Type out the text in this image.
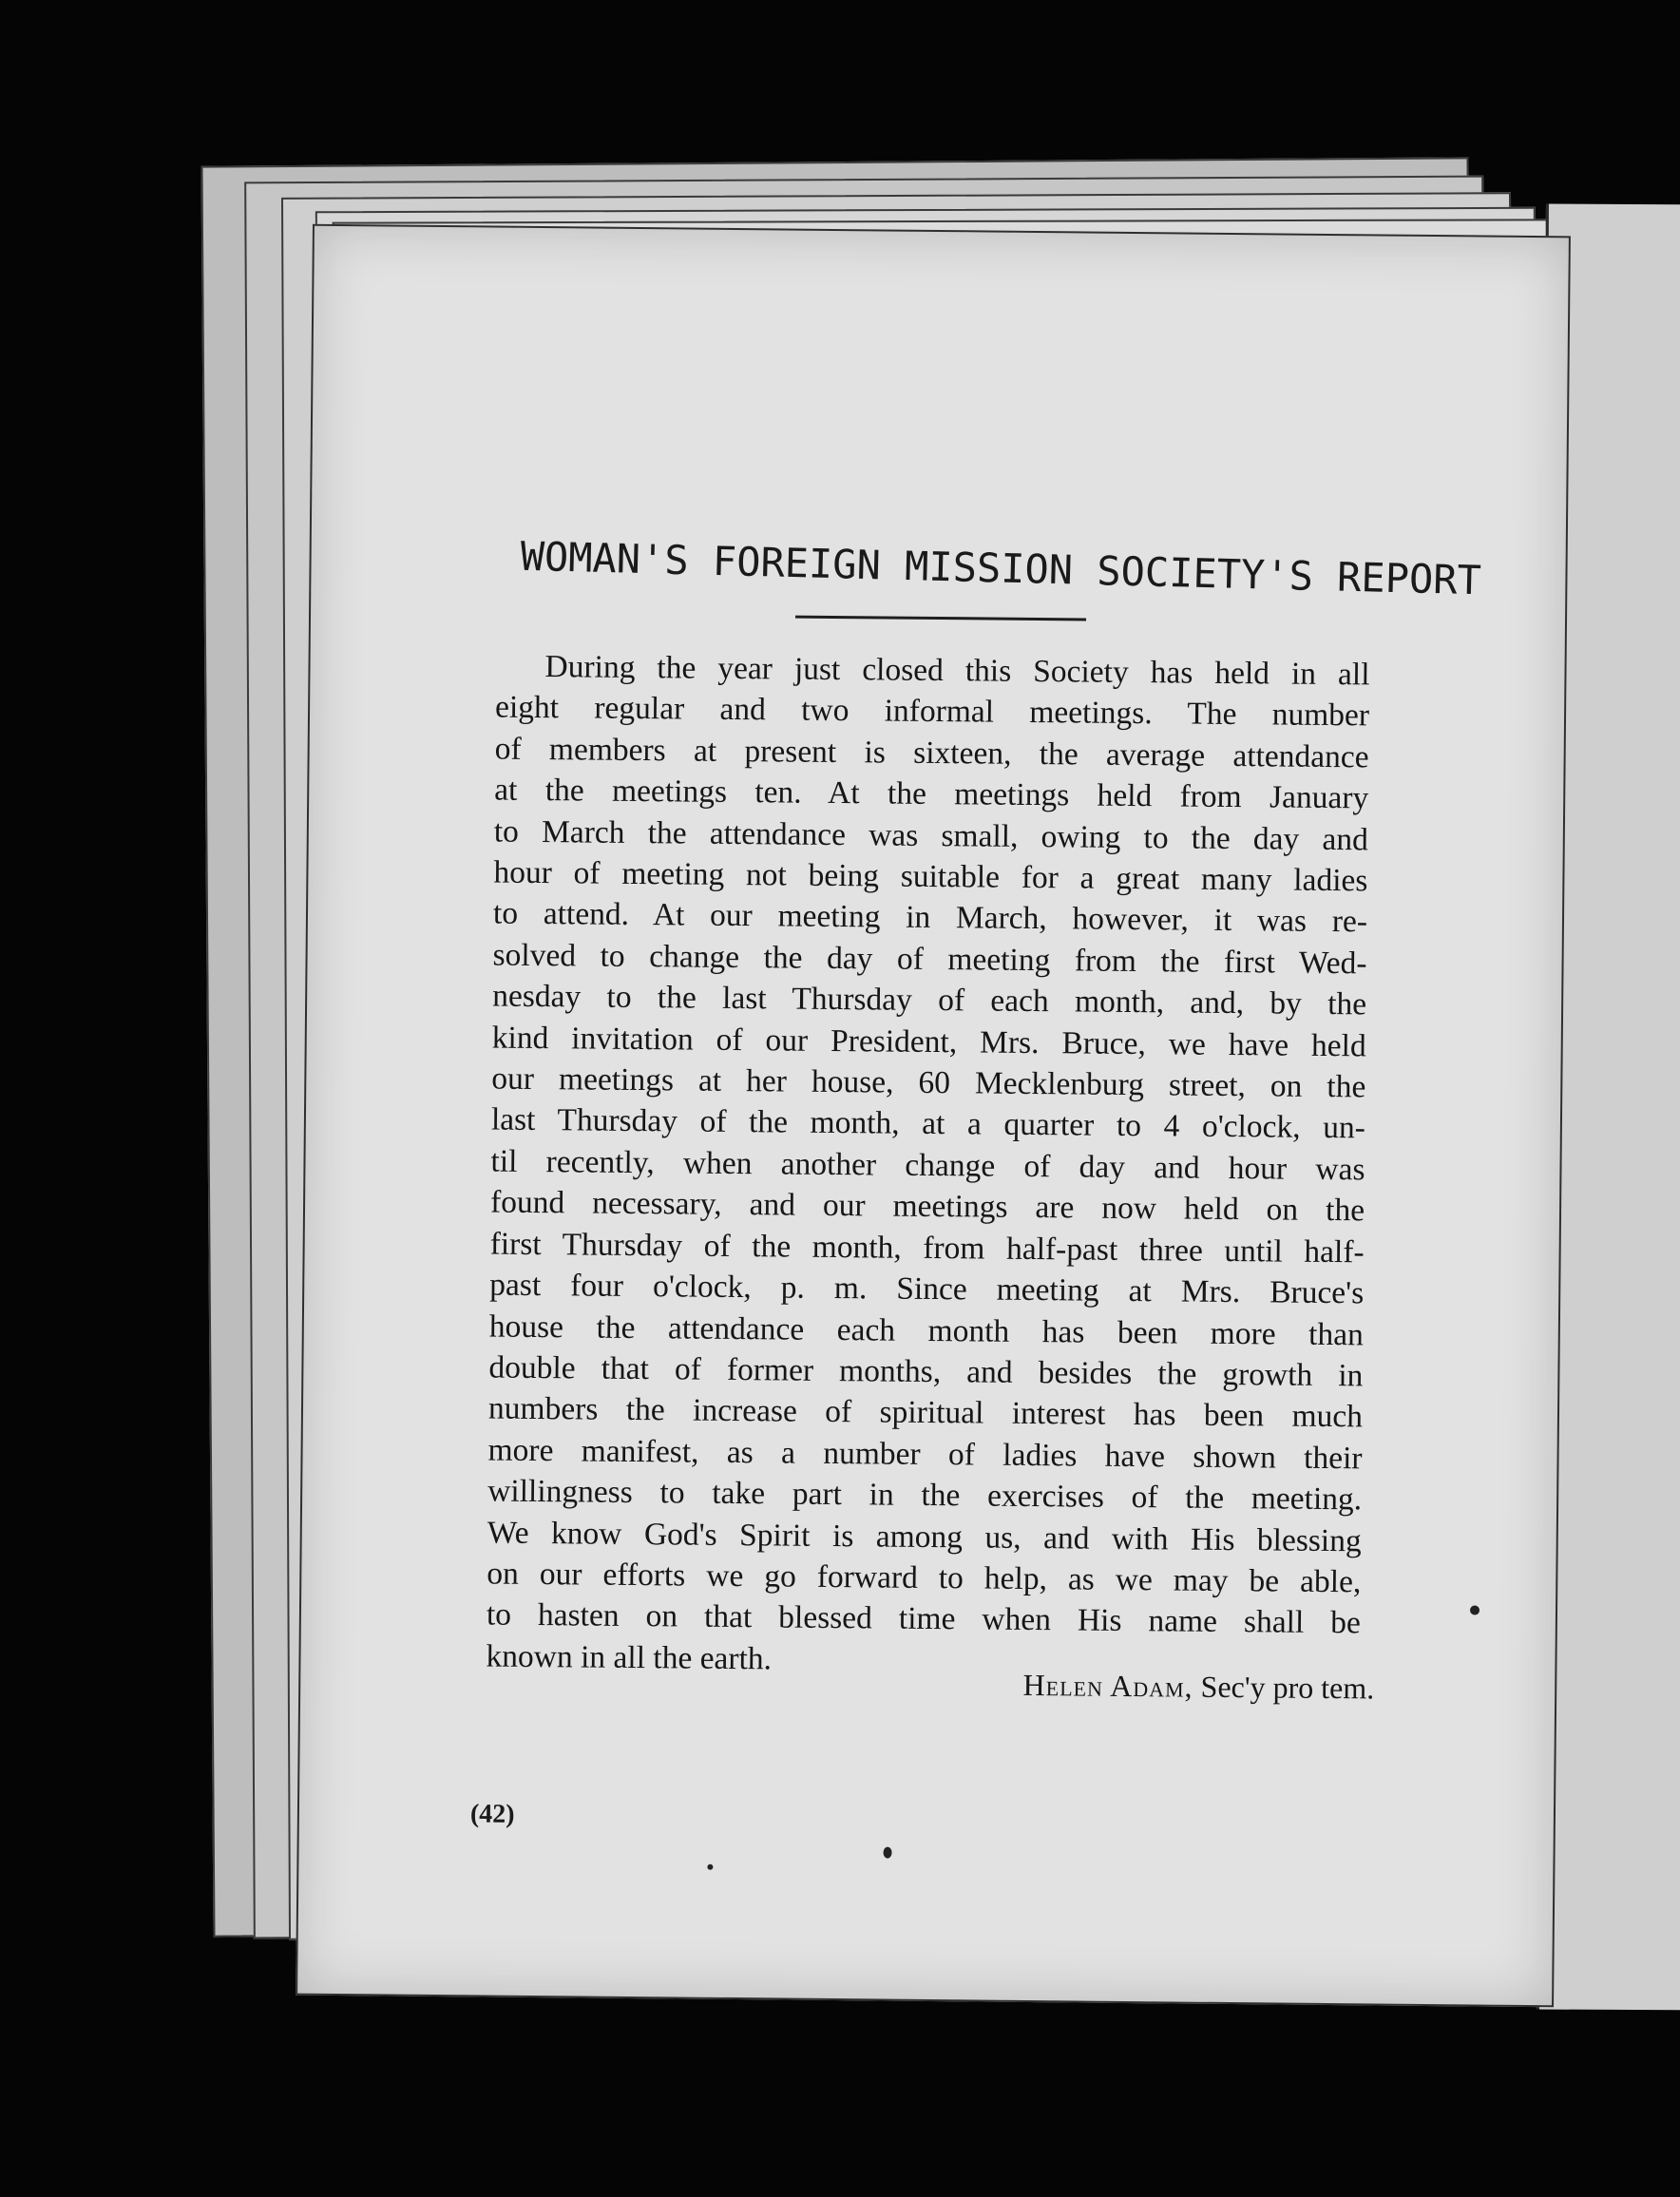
WOMAN'S FOREIGN MISSION SOCIETY'S REPORT
During the year just closed this Society has held in all
eight regular and two informal meetings. The number
of members at present is sixteen, the average attendance
at the meetings ten. At the meetings held from January
to March the attendance was small, owing to the day and
hour of meeting not being suitable for a great many ladies
to attend. At our meeting in March, however, it was re-
solved to change the day of meeting from the first Wed-
nesday to the last Thursday of each month, and, by the
kind invitation of our President, Mrs. Bruce, we have held
our meetings at her house, 60 Mecklenburg street, on the
last Thursday of the month, at a quarter to 4 o'clock, un-
til recently, when another change of day and hour was
found necessary, and our meetings are now held on the
first Thursday of the month, from half-past three until half-
past four o'clock, p. m. Since meeting at Mrs. Bruce's
house the attendance each month has been more than
double that of former months, and besides the growth in
numbers the increase of spiritual interest has been much
more manifest, as a number of ladies have shown their
willingness to take part in the exercises of the meeting.
We know God's Spirit is among us, and with His blessing
on our efforts we go forward to help, as we may be able,
to hasten on that blessed time when His name shall be
known in all the earth.
Helen Adam, Sec'y pro tem.
(42)
